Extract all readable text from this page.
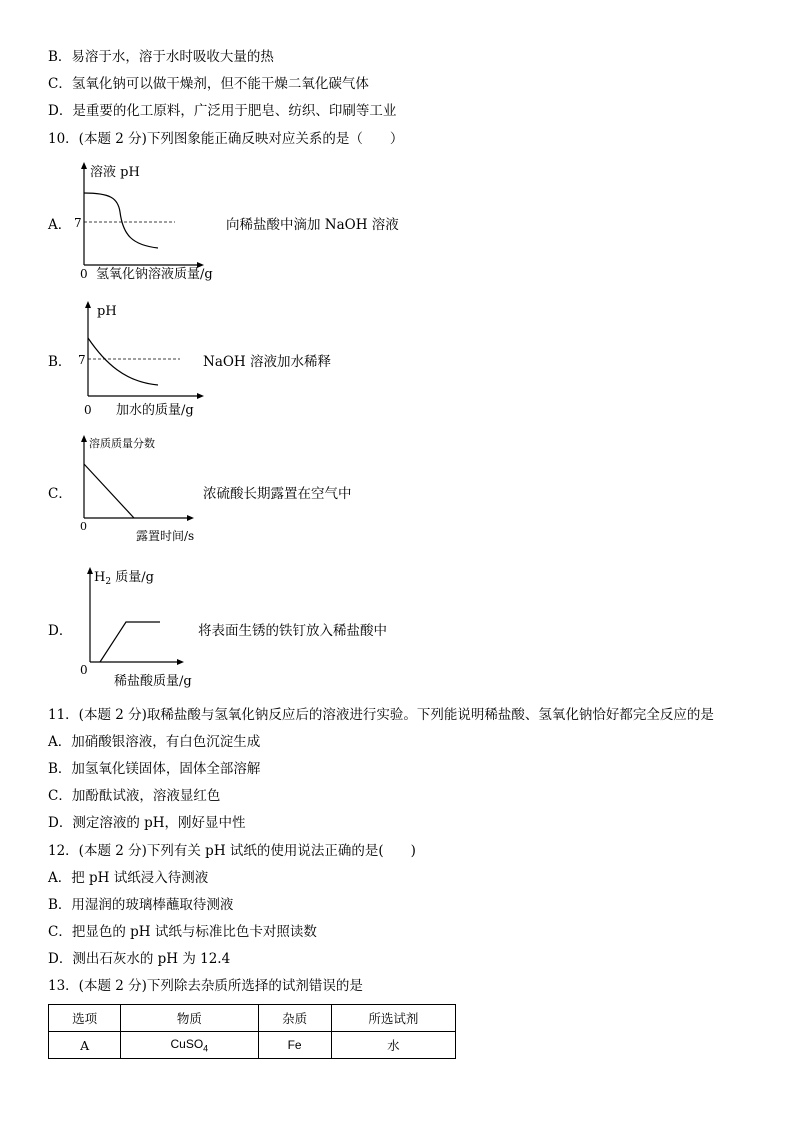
B．易溶于水，溶于水时吸收大量的热
C．氢氧化钠可以做干燥剂，但不能干燥二氧化碳气体
D．是重要的化工原料，广泛用于肥皂、纺织、印刷等工业
10．(本题 2 分)下列图象能正确反映对应关系的是（　　）
A．
溶液 pH
7
0 氢氧化钠溶液质量/g
向稀盐酸中滴加 NaOH 溶液
B．
pH
7
0 加水的质量/g
NaOH 溶液加水稀释
C．
溶质质量分数
0
露置时间/s
浓硫酸长期露置在空气中
D．
$H_2$ 质量/g
0
稀盐酸质量/g
将表面生锈的铁钉放入稀盐酸中
11．(本题 2 分)取稀盐酸与氢氧化钠反应后的溶液进行实验。下列能说明稀盐酸、氢氧化钠恰好都完全反应的是
A．加硝酸银溶液，有白色沉淀生成
B．加氢氧化镁固体，固体全部溶解
C．加酚酞试液，溶液显红色
D．测定溶液的 pH，刚好显中性
12．(本题 2 分)下列有关 pH 试纸的使用说法正确的是(　　)
A．把 pH 试纸浸入待测液
B．用湿润的玻璃棒蘸取待测液
C．把显色的 pH 试纸与标准比色卡对照读数
D．测出石灰水的 pH 为 12.4
13．(本题 2 分)下列除去杂质所选择的试剂错误的是
选项	物质	杂质	所选试剂
A	CuSO$_4$	Fe	水
